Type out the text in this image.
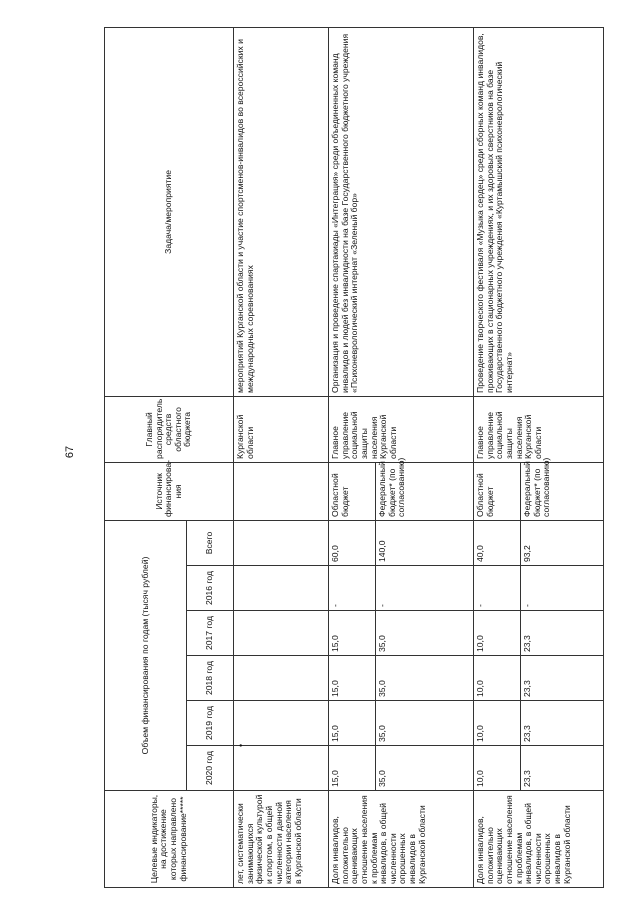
67
Целевые индикаторы, на достижение которых направлено финансирование*****	Объем финансирования по годам (тысяч рублей)						Источник финансирова-ния	Главный распорядитель средств областного бюджета	Задача/мероприятие
	2020 год	2019 год	2018 год	2017 год	2016 год	Всего			
лет, систематически занимающихся физической культурой и спортом, в общей численности данной категории населения в Курганской области	•							Курганской области	мероприятий Курганской области и участие спортсменов-инвалидов во всероссийских и международных соревнованиях
Доля инвалидов, положительно оценивающих отношение населения к проблемам инвалидов, в общей численности опрошенных инвалидов в Курганской области	15,0	15,0	15,0	15,0	-	60,0	Областной бюджет	Главное управление социальной защиты населения Курганской области	Организация и проведение спартакиады «Интеграция» среди объединенных команд инвалидов и людей без инвалидности на базе Государственного бюджетного учреждения «Психоневрологический интернат «Зеленый бор»
	35,0	35,0	35,0	35,0	-	140,0	Федеральный бюджет* (по согласованию)		
Доля инвалидов, положительно оценивающих отношение населения к проблемам инвалидов, в общей численности опрошенных инвалидов в Курганской области	10,0	10,0	10,0	10,0	-	40,0	Областной бюджет	Главное управление социальной защиты населения Курганской области	Проведение творческого фестиваля «Музыка сердец» среди сборных команд инвалидов, проживающих в стационарных учреждениях, и их здоровых сверстников на базе Государственного бюджетного учреждения «Куртамышский психоневрологический интернат»
	23,3	23,3	23,3	23,3	-	93,2	Федеральный бюджет* (по согласованию)		
